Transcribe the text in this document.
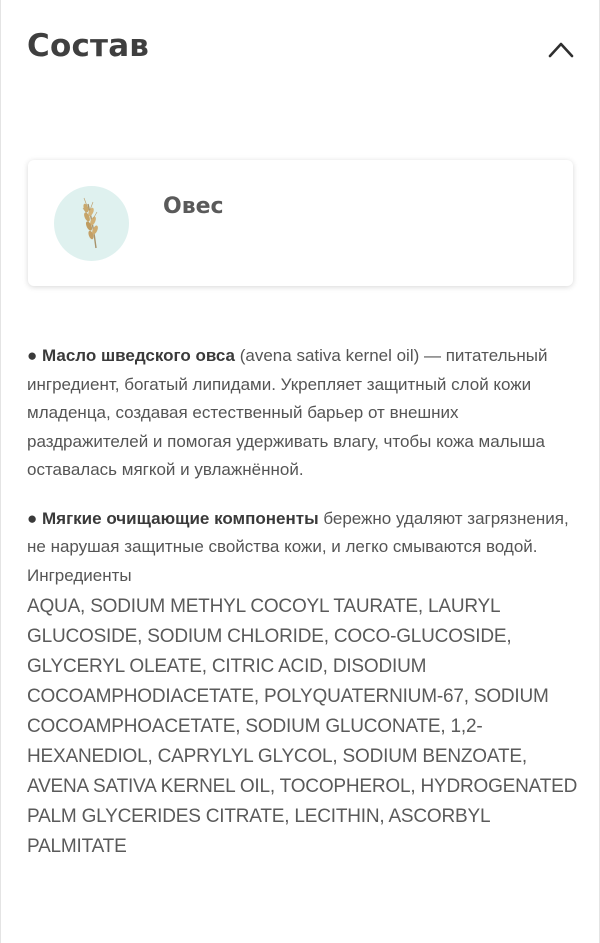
Состав
Овес

● Масло шведского овса (avena sativa kernel oil) — питательный ингредиент, богатый липидами. Укрепляет защитный слой кожи младенца, создавая естественный барьер от внешних раздражителей и помогая удерживать влагу, чтобы кожа малыша оставалась мягкой и увлажнённой.

● Мягкие очищающие компоненты бережно удаляют загрязнения, не нарушая защитные свойства кожи, и легко смываются водой.

Ингредиенты

AQUA, SODIUM METHYL COCOYL TAURATE, LAURYL GLUCOSIDE, SODIUM CHLORIDE, COCO-GLUCOSIDE, GLYCERYL OLEATE, CITRIC ACID, DISODIUM COCOAMPHODIACETATE, POLYQUATERNIUM-67, SODIUM COCOAMPHOACETATE, SODIUM GLUCONATE, 1,2-HEXANEDIOL, CAPRYLYL GLYCOL, SODIUM BENZOATE, AVENA SATIVA KERNEL OIL, TOCOPHEROL, HYDROGENATED PALM GLYCERIDES CITRATE, LECITHIN, ASCORBYL PALMITATE
